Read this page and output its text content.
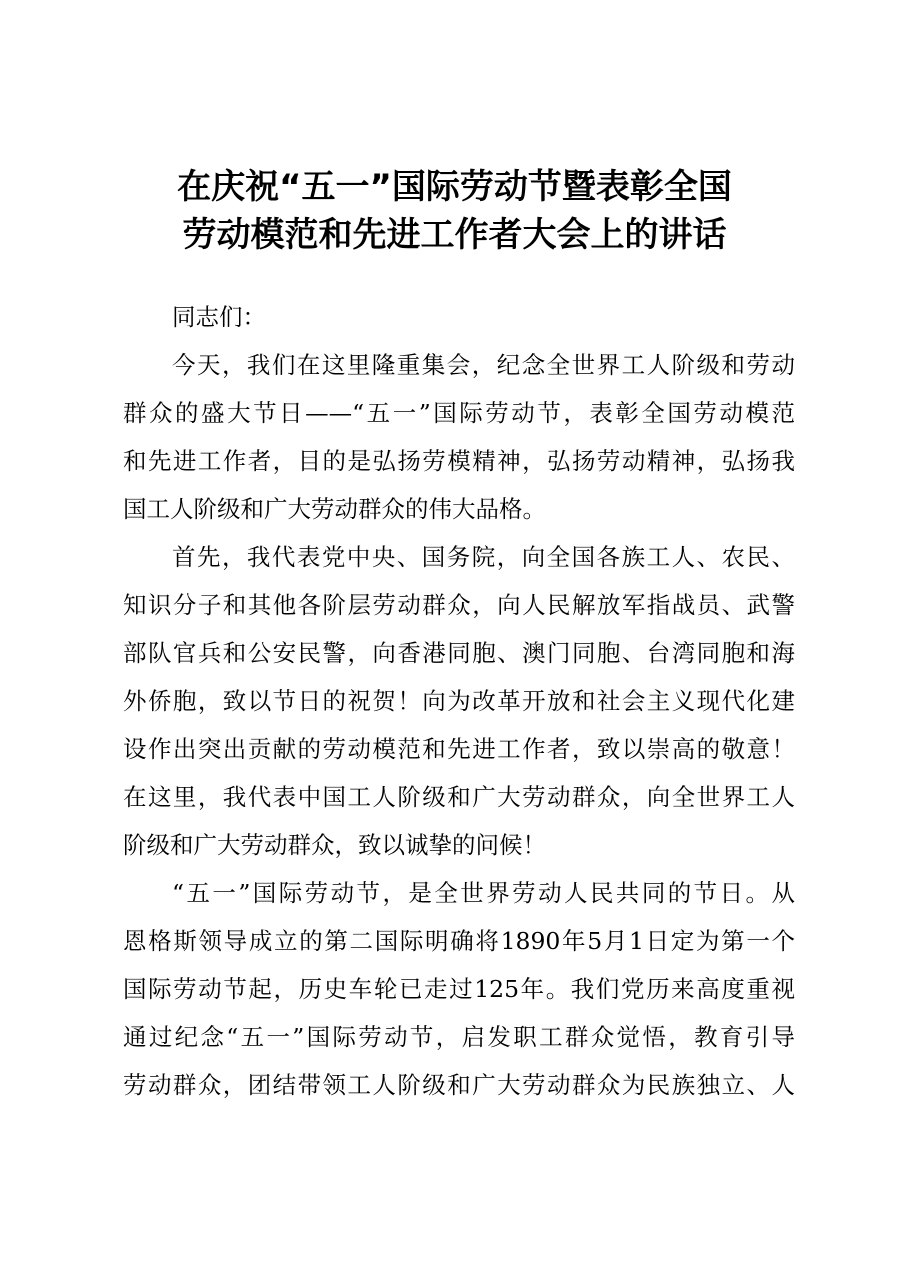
在庆祝“五一”国际劳动节暨表彰全国
劳动模范和先进工作者大会上的讲话
同志们：
今天，我们在这里隆重集会，纪念全世界工人阶级和劳动
群众的盛大节日——“五一”国际劳动节，表彰全国劳动模范
和先进工作者，目的是弘扬劳模精神，弘扬劳动精神，弘扬我
国工人阶级和广大劳动群众的伟大品格。
首先，我代表党中央、国务院，向全国各族工人、农民、
知识分子和其他各阶层劳动群众，向人民解放军指战员、武警
部队官兵和公安民警，向香港同胞、澳门同胞、台湾同胞和海
外侨胞，致以节日的祝贺！向为改革开放和社会主义现代化建
设作出突出贡献的劳动模范和先进工作者，致以崇高的敬意！
在这里，我代表中国工人阶级和广大劳动群众，向全世界工人
阶级和广大劳动群众，致以诚挚的问候！
“五一”国际劳动节，是全世界劳动人民共同的节日。从
恩格斯领导成立的第二国际明确将1890年5月1日定为第一个
国际劳动节起，历史车轮已走过125年。我们党历来高度重视
通过纪念“五一”国际劳动节，启发职工群众觉悟，教育引导
劳动群众，团结带领工人阶级和广大劳动群众为民族独立、人
